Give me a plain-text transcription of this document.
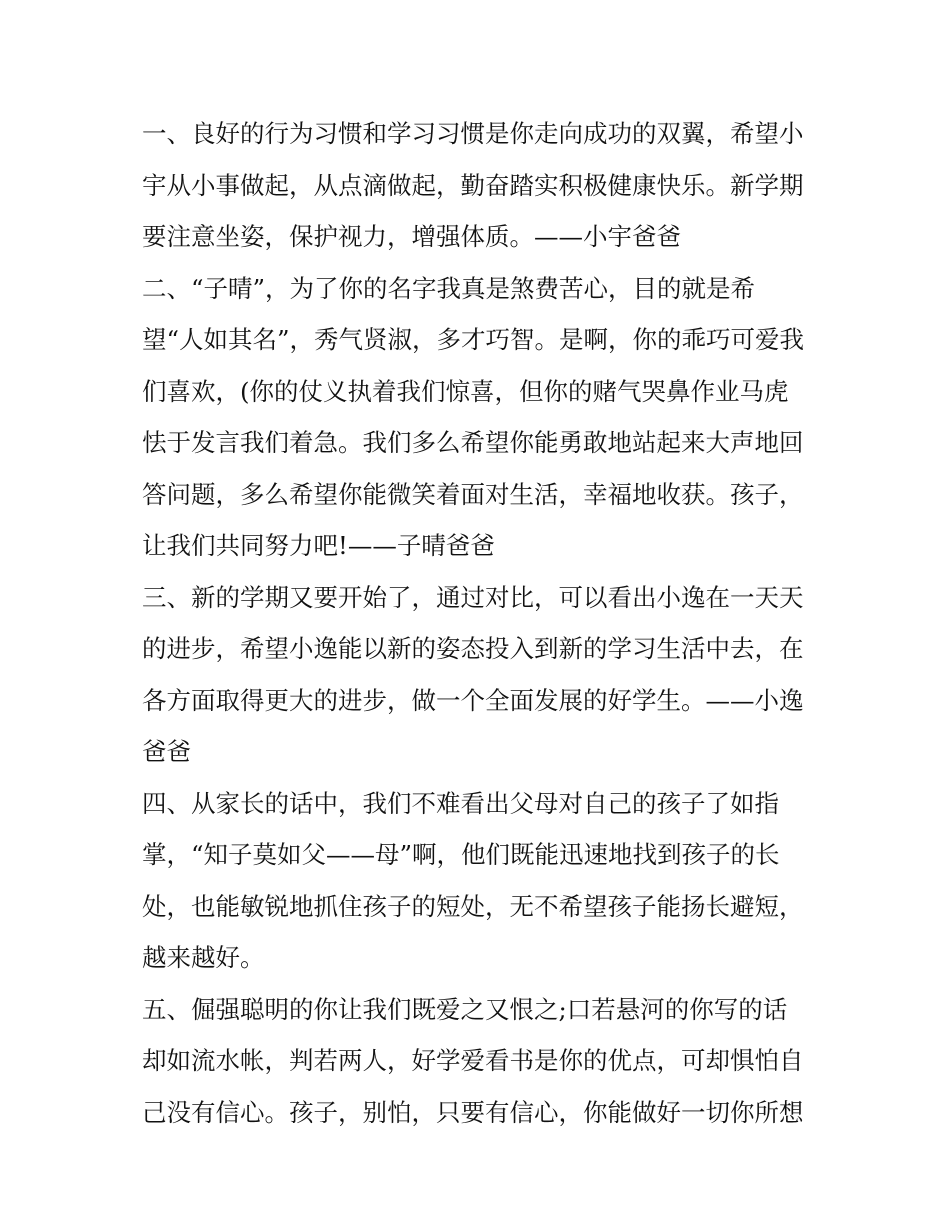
一、良好的行为习惯和学习习惯是你走向成功的双翼，希望小
宇从小事做起，从点滴做起，勤奋踏实积极健康快乐。新学期
要注意坐姿，保护视力，增强体质。——小宇爸爸
二、“子晴”，为了你的名字我真是煞费苦心，目的就是希
望“人如其名”，秀气贤淑，多才巧智。是啊，你的乖巧可爱我
们喜欢，(你的仗义执着我们惊喜，但你的赌气哭鼻作业马虎
怯于发言我们着急。我们多么希望你能勇敢地站起来大声地回
答问题，多么希望你能微笑着面对生活，幸福地收获。孩子，
让我们共同努力吧!——子晴爸爸
三、新的学期又要开始了，通过对比，可以看出小逸在一天天
的进步，希望小逸能以新的姿态投入到新的学习生活中去，在
各方面取得更大的进步，做一个全面发展的好学生。——小逸
爸爸
四、从家长的话中，我们不难看出父母对自己的孩子了如指
掌，“知子莫如父——母”啊，他们既能迅速地找到孩子的长
处，也能敏锐地抓住孩子的短处，无不希望孩子能扬长避短，
越来越好。
五、倔强聪明的你让我们既爱之又恨之;口若悬河的你写的话
却如流水帐，判若两人，好学爱看书是你的优点，可却惧怕自
己没有信心。孩子，别怕，只要有信心，你能做好一切你所想
